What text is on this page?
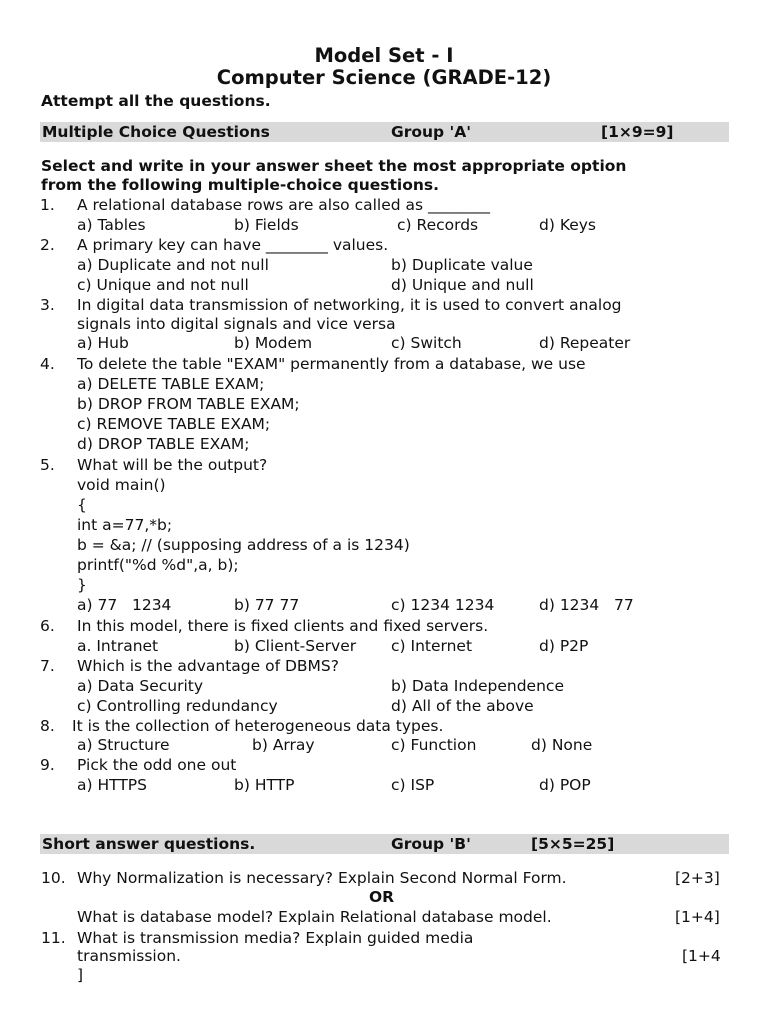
Model Set - I
Computer Science (GRADE-12)
Attempt all the questions.
Multiple Choice Questions	Group 'A'	[1×9=9]
Select and write in your answer sheet the most appropriate option
from the following multiple-choice questions.
1. A relational database rows are also called as ________
a) Tables	b) Fields	c) Records	d) Keys
2. A primary key can have ________ values.
a) Duplicate and not null	b) Duplicate value
c) Unique and not null	d) Unique and null
3. In digital data transmission of networking, it is used to convert analog
signals into digital signals and vice versa
a) Hub	b) Modem	c) Switch	d) Repeater
4. To delete the table "EXAM" permanently from a database, we use
a) DELETE TABLE EXAM;
b) DROP FROM TABLE EXAM;
c) REMOVE TABLE EXAM;
d) DROP TABLE EXAM;
5. What will be the output?
void main()
{
int a=77,*b;
b = &a; // (supposing address of a is 1234)
printf("%d %d",a, b);
}
a) 77   1234	b) 77 77	c) 1234 1234	d) 1234   77
6. In this model, there is fixed clients and fixed servers.
a. Intranet	b) Client-Server c) Internet	d) P2P
7. Which is the advantage of DBMS?
a) Data Security	b) Data Independence
c) Controlling redundancy	d) All of the above
8. It is the collection of heterogeneous data types.
a) Structure	b) Array	c) Function	d) None
9. Pick the odd one out
a) HTTPS	b) HTTP	c) ISP	d) POP
Short answer questions.	Group 'B'	[5×5=25]
10. Why Normalization is necessary? Explain Second Normal Form.	[2+3]
OR
What is database model? Explain Relational database model.	[1+4]
11. What is transmission media? Explain guided media
transmission.	[1+4
]
